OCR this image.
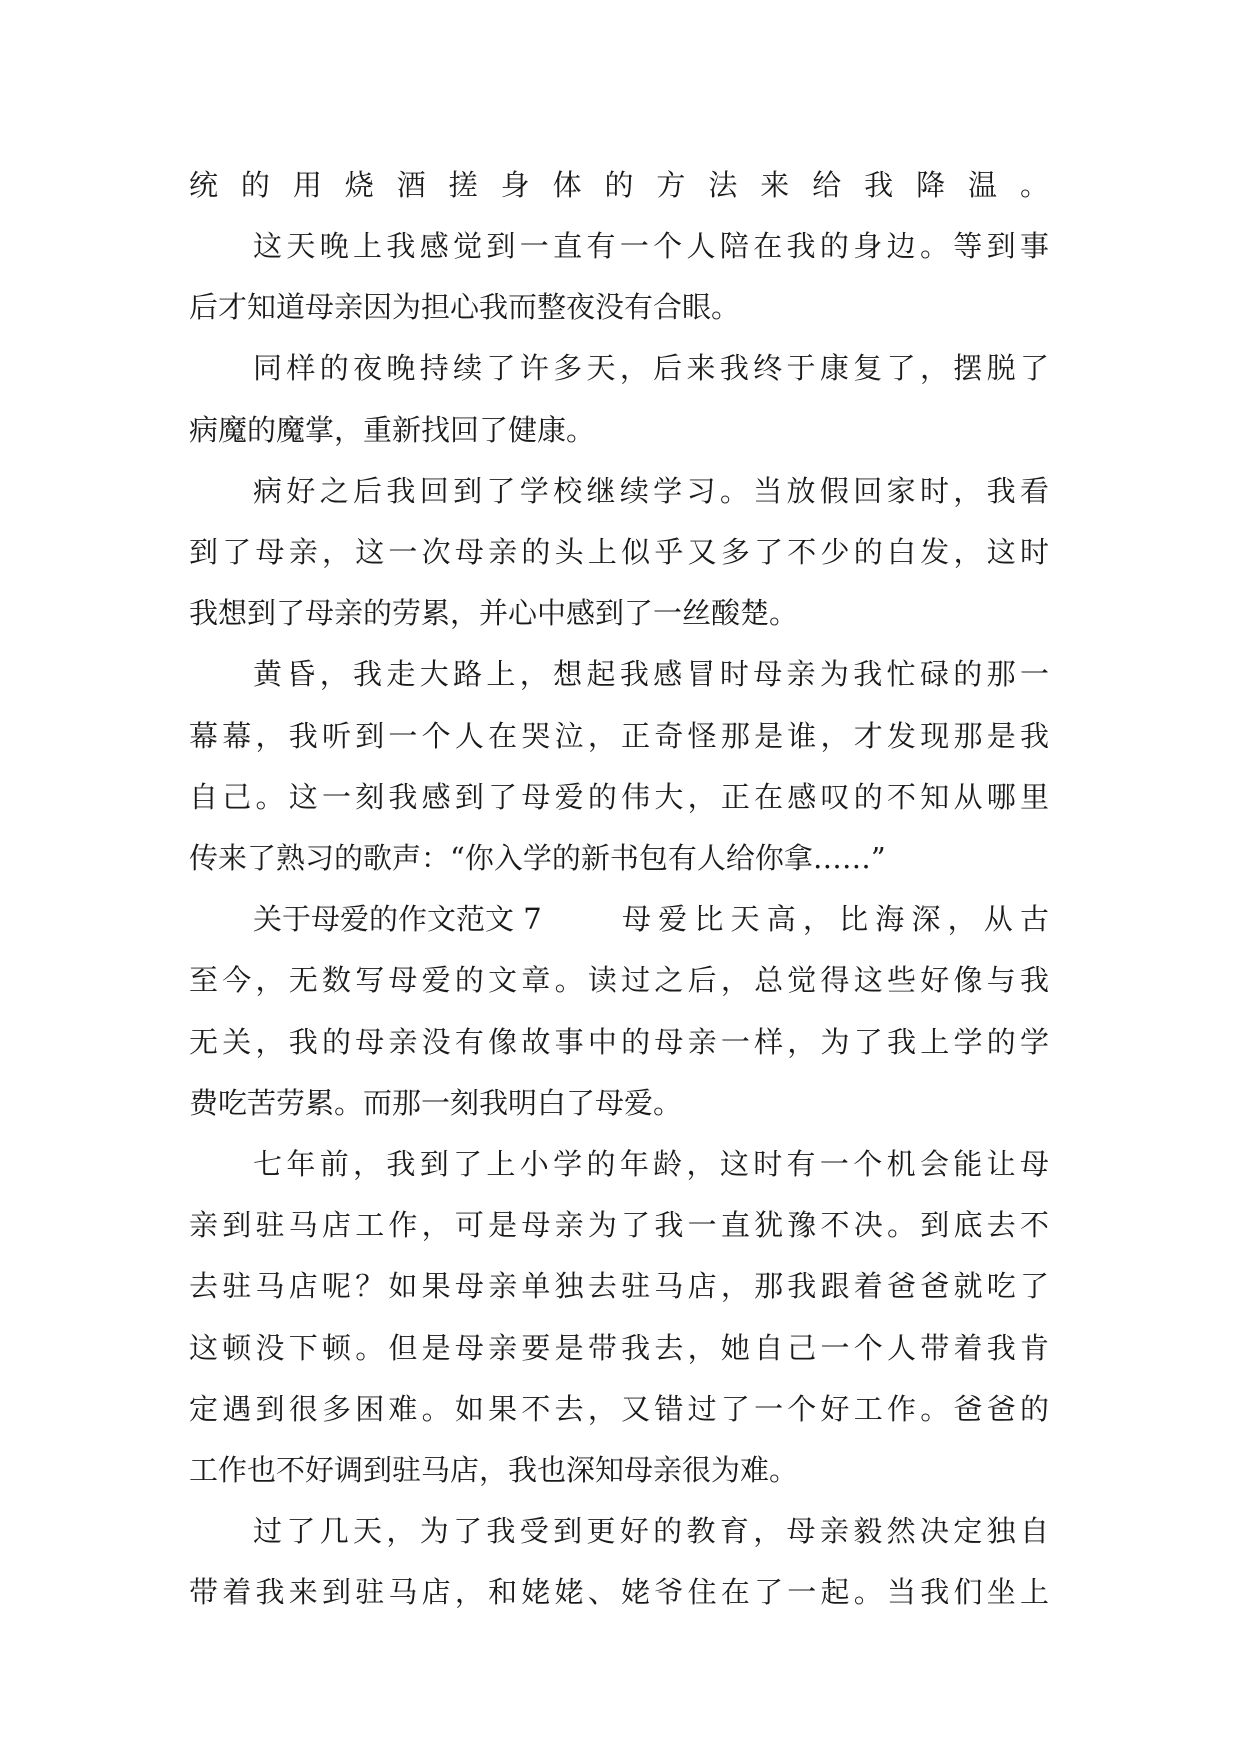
统的用烧酒搓身体的方法来给我降温。
这天晚上我感觉到一直有一个人陪在我的身边。等到事
后才知道母亲因为担心我而整夜没有合眼。
同样的夜晚持续了许多天，后来我终于康复了，摆脱了
病魔的魔掌，重新找回了健康。
病好之后我回到了学校继续学习。当放假回家时，我看
到了母亲，这一次母亲的头上似乎又多了不少的白发，这时
我想到了母亲的劳累，并心中感到了一丝酸楚。
黄昏，我走大路上，想起我感冒时母亲为我忙碌的那一
幕幕，我听到一个人在哭泣，正奇怪那是谁，才发现那是我
自己。这一刻我感到了母爱的伟大，正在感叹的不知从哪里
传来了熟习的歌声：“你入学的新书包有人给你拿……”
关于母爱的作文范文 7	母爱比天高，比海深，从古
至今，无数写母爱的文章。读过之后，总觉得这些好像与我
无关，我的母亲没有像故事中的母亲一样，为了我上学的学
费吃苦劳累。而那一刻我明白了母爱。
七年前，我到了上小学的年龄，这时有一个机会能让母
亲到驻马店工作，可是母亲为了我一直犹豫不决。到底去不
去驻马店呢？如果母亲单独去驻马店，那我跟着爸爸就吃了
这顿没下顿。但是母亲要是带我去，她自己一个人带着我肯
定遇到很多困难。如果不去，又错过了一个好工作。爸爸的
工作也不好调到驻马店，我也深知母亲很为难。
过了几天，为了我受到更好的教育，母亲毅然决定独自
带着我来到驻马店，和姥姥、姥爷住在了一起。当我们坐上
